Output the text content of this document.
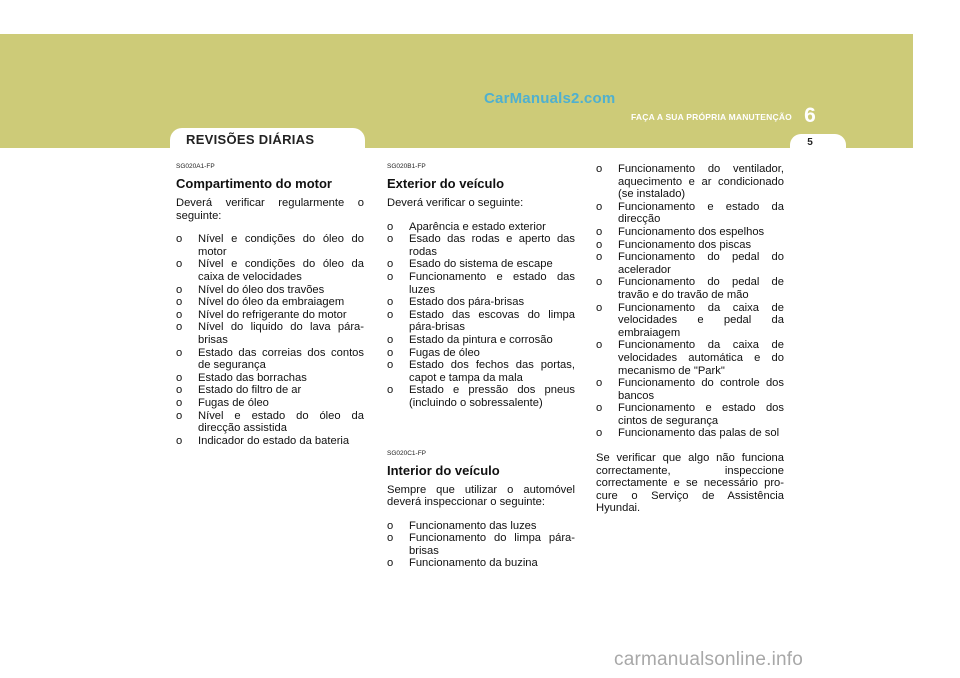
CarManuals2.com
FAÇA A SUA PRÓPRIA MANUTENÇÃO 6
5
REVISÕES DIÁRIAS
SG020A1-FP
Compartimento do motor
Deverá verificar regularmente o seguinte:
o Nível e condições do óleo do motor
o Nível e condições do óleo da caixa de velocidades
o Nível do óleo dos travões
o Nível do óleo da embraiagem
o Nível do refrigerante do motor
o Nível do liquido do lava pára-brisas
o Estado das correias dos contos de segurança
o Estado das borrachas
o Estado do filtro de ar
o Fugas de óleo
o Nível e estado do óleo da direcção assistida
o Indicador do estado da bateria
SG020B1-FP
Exterior do veículo
Deverá verificar o seguinte:
o Aparência e estado exterior
o Esado das rodas e aperto das rodas
o Esado do sistema de escape
o Funcionamento e estado das luzes
o Estado dos pára-brisas
o Estado das escovas do limpa pára-brisas
o Estado da pintura e corrosão
o Fugas de óleo
o Estado dos fechos das portas, capot e tampa da mala
o Estado e pressão dos pneus (incluindo o sobressalente)
SG020C1-FP
Interior do veículo
Sempre que utilizar o automóvel deverá inspeccionar o seguinte:
o Funcionamento das luzes
o Funcionamento do limpa pára-brisas
o Funcionamento da buzina
o Funcionamento do ventilador, aquecimento e ar condicionado (se instalado)
o Funcionamento e estado da direcção
o Funcionamento dos espelhos
o Funcionamento dos piscas
o Funcionamento do pedal do acelerador
o Funcionamento do pedal de travão e do travão de mão
o Funcionamento da caixa de velocidades e pedal da embraiagem
o Funcionamento da caixa de velocidades automática e do mecanismo de "Park"
o Funcionamento do controle dos bancos
o Funcionamento e estado dos cintos de segurança
o Funcionamento das palas de sol
Se verificar que algo não funciona correctamente, inspeccione correctamente e se necessário pro-cure o Serviço de Assistência Hyundai.
carmanualsonline.info
